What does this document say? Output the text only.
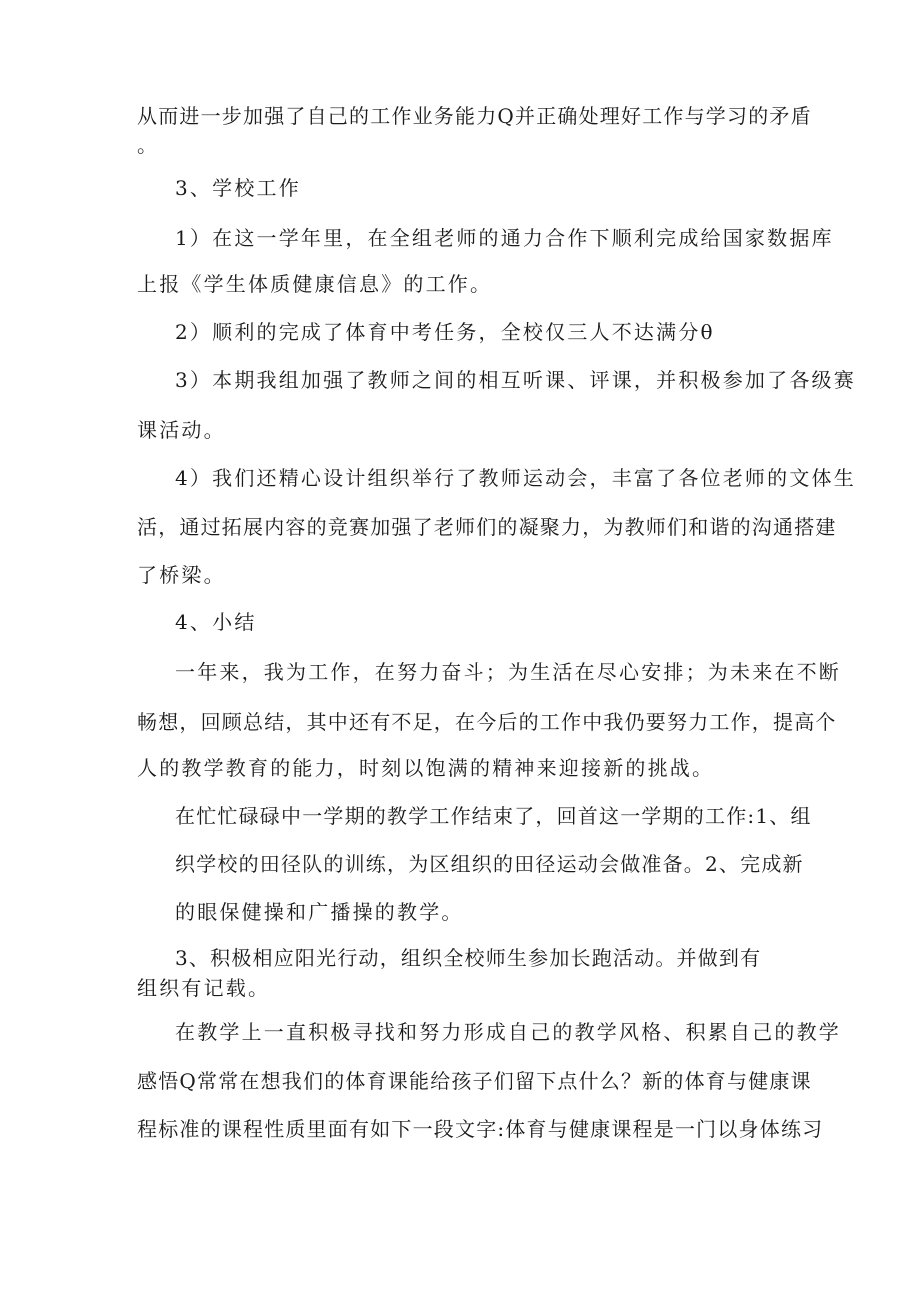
从而进一步加强了自己的工作业务能力Q并正确处理好工作与学习的矛盾
。
3、学校工作
1）在这一学年里，在全组老师的通力合作下顺利完成给国家数据库
上报《学生体质健康信息》的工作。
2）顺利的完成了体育中考任务，全校仅三人不达满分θ
3）本期我组加强了教师之间的相互听课、评课，并积极参加了各级赛
课活动。
4）我们还精心设计组织举行了教师运动会，丰富了各位老师的文体生
活，通过拓展内容的竞赛加强了老师们的凝聚力，为教师们和谐的沟通搭建
了桥梁。
4、小结
一年来，我为工作，在努力奋斗；为生活在尽心安排；为未来在不断
畅想，回顾总结，其中还有不足，在今后的工作中我仍要努力工作，提高个
人的教学教育的能力，时刻以饱满的精神来迎接新的挑战。
在忙忙碌碌中一学期的教学工作结束了，回首这一学期的工作:1、组
织学校的田径队的训练，为区组织的田径运动会做准备。2、完成新
的眼保健操和广播操的教学。
3、积极相应阳光行动，组织全校师生参加长跑活动。并做到有
组织有记载。
在教学上一直积极寻找和努力形成自己的教学风格、积累自己的教学
感悟Q常常在想我们的体育课能给孩子们留下点什么？新的体育与健康课
程标准的课程性质里面有如下一段文字:体育与健康课程是一门以身体练习
